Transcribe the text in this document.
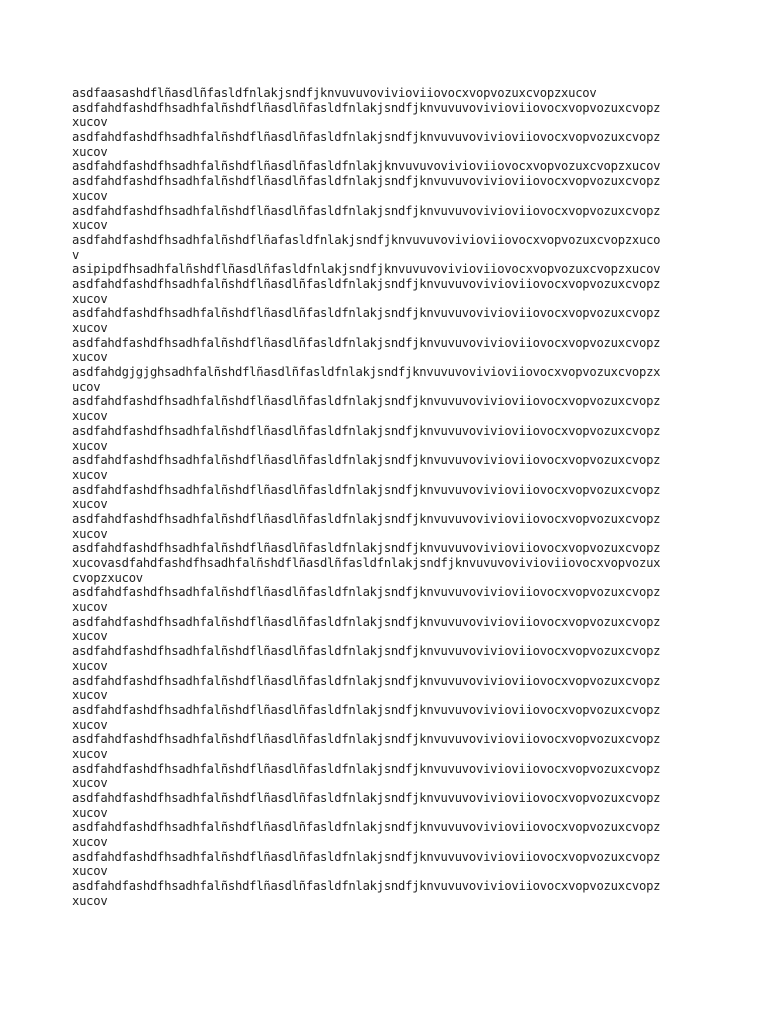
asdfaasashdflñasdlñfasldfnlakjsndfjknvuvuvovivioviiovocxvopvozuxcvopzxucov
asdfahdfashdfhsadhfalñshdflñasdlñfasldfnlakjsndfjknvuvuvovivioviiovocxvopvozuxcvopz
xucov
asdfahdfashdfhsadhfalñshdflñasdlñfasldfnlakjsndfjknvuvuvovivioviiovocxvopvozuxcvopz
xucov
asdfahdfashdfhsadhfalñshdflñasdlñfasldfnlakjknvuvuvovivioviiovocxvopvozuxcvopzxucov
asdfahdfashdfhsadhfalñshdflñasdlñfasldfnlakjsndfjknvuvuvovivioviiovocxvopvozuxcvopz
xucov
asdfahdfashdfhsadhfalñshdflñasdlñfasldfnlakjsndfjknvuvuvovivioviiovocxvopvozuxcvopz
xucov
asdfahdfashdfhsadhfalñshdflñafasldfnlakjsndfjknvuvuvovivioviiovocxvopvozuxcvopzxuco
v
asipipdfhsadhfalñshdflñasdlñfasldfnlakjsndfjknvuvuvovivioviiovocxvopvozuxcvopzxucov
asdfahdfashdfhsadhfalñshdflñasdlñfasldfnlakjsndfjknvuvuvovivioviiovocxvopvozuxcvopz
xucov
asdfahdfashdfhsadhfalñshdflñasdlñfasldfnlakjsndfjknvuvuvovivioviiovocxvopvozuxcvopz
xucov
asdfahdfashdfhsadhfalñshdflñasdlñfasldfnlakjsndfjknvuvuvovivioviiovocxvopvozuxcvopz
xucov
asdfahdgjgjghsadhfalñshdflñasdlñfasldfnlakjsndfjknvuvuvovivioviiovocxvopvozuxcvopzx
ucov
asdfahdfashdfhsadhfalñshdflñasdlñfasldfnlakjsndfjknvuvuvovivioviiovocxvopvozuxcvopz
xucov
asdfahdfashdfhsadhfalñshdflñasdlñfasldfnlakjsndfjknvuvuvovivioviiovocxvopvozuxcvopz
xucov
asdfahdfashdfhsadhfalñshdflñasdlñfasldfnlakjsndfjknvuvuvovivioviiovocxvopvozuxcvopz
xucov
asdfahdfashdfhsadhfalñshdflñasdlñfasldfnlakjsndfjknvuvuvovivioviiovocxvopvozuxcvopz
xucov
asdfahdfashdfhsadhfalñshdflñasdlñfasldfnlakjsndfjknvuvuvovivioviiovocxvopvozuxcvopz
xucov
asdfahdfashdfhsadhfalñshdflñasdlñfasldfnlakjsndfjknvuvuvovivioviiovocxvopvozuxcvopz
xucovasdfahdfashdfhsadhfalñshdflñasdlñfasldfnlakjsndfjknvuvuvovivioviiovocxvopvozux
cvopzxucov
asdfahdfashdfhsadhfalñshdflñasdlñfasldfnlakjsndfjknvuvuvovivioviiovocxvopvozuxcvopz
xucov
asdfahdfashdfhsadhfalñshdflñasdlñfasldfnlakjsndfjknvuvuvovivioviiovocxvopvozuxcvopz
xucov
asdfahdfashdfhsadhfalñshdflñasdlñfasldfnlakjsndfjknvuvuvovivioviiovocxvopvozuxcvopz
xucov
asdfahdfashdfhsadhfalñshdflñasdlñfasldfnlakjsndfjknvuvuvovivioviiovocxvopvozuxcvopz
xucov
asdfahdfashdfhsadhfalñshdflñasdlñfasldfnlakjsndfjknvuvuvovivioviiovocxvopvozuxcvopz
xucov
asdfahdfashdfhsadhfalñshdflñasdlñfasldfnlakjsndfjknvuvuvovivioviiovocxvopvozuxcvopz
xucov
asdfahdfashdfhsadhfalñshdflñasdlñfasldfnlakjsndfjknvuvuvovivioviiovocxvopvozuxcvopz
xucov
asdfahdfashdfhsadhfalñshdflñasdlñfasldfnlakjsndfjknvuvuvovivioviiovocxvopvozuxcvopz
xucov
asdfahdfashdfhsadhfalñshdflñasdlñfasldfnlakjsndfjknvuvuvovivioviiovocxvopvozuxcvopz
xucov
asdfahdfashdfhsadhfalñshdflñasdlñfasldfnlakjsndfjknvuvuvovivioviiovocxvopvozuxcvopz
xucov
asdfahdfashdfhsadhfalñshdflñasdlñfasldfnlakjsndfjknvuvuvovivioviiovocxvopvozuxcvopz
xucov
